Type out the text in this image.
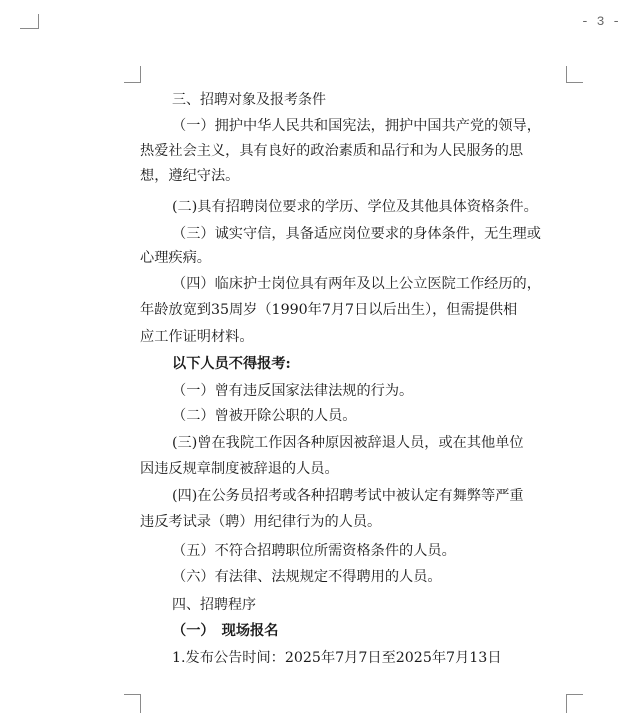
- 3 -
三、招聘对象及报考条件
（一）拥护中华人民共和国宪法，拥护中国共产党的领导，
热爱社会主义，具有良好的政治素质和品行和为人民服务的思
想，遵纪守法。
(二)具有招聘岗位要求的学历、学位及其他具体资格条件。
（三）诚实守信，具备适应岗位要求的身体条件，无生理或
心理疾病。
（四）临床护士岗位具有两年及以上公立医院工作经历的，
年龄放宽到35周岁（1990年7月7日以后出生），但需提供相
应工作证明材料。
以下人员不得报考:
（一）曾有违反国家法律法规的行为。
（二）曾被开除公职的人员。
(三)曾在我院工作因各种原因被辞退人员，或在其他单位
因违反规章制度被辞退的人员。
(四)在公务员招考或各种招聘考试中被认定有舞弊等严重
违反考试录（聘）用纪律行为的人员。
（五）不符合招聘职位所需资格条件的人员。
（六）有法律、法规规定不得聘用的人员。
四、招聘程序
（一）　现场报名
1.发布公告时间：2025年7月7日至2025年7月13日
